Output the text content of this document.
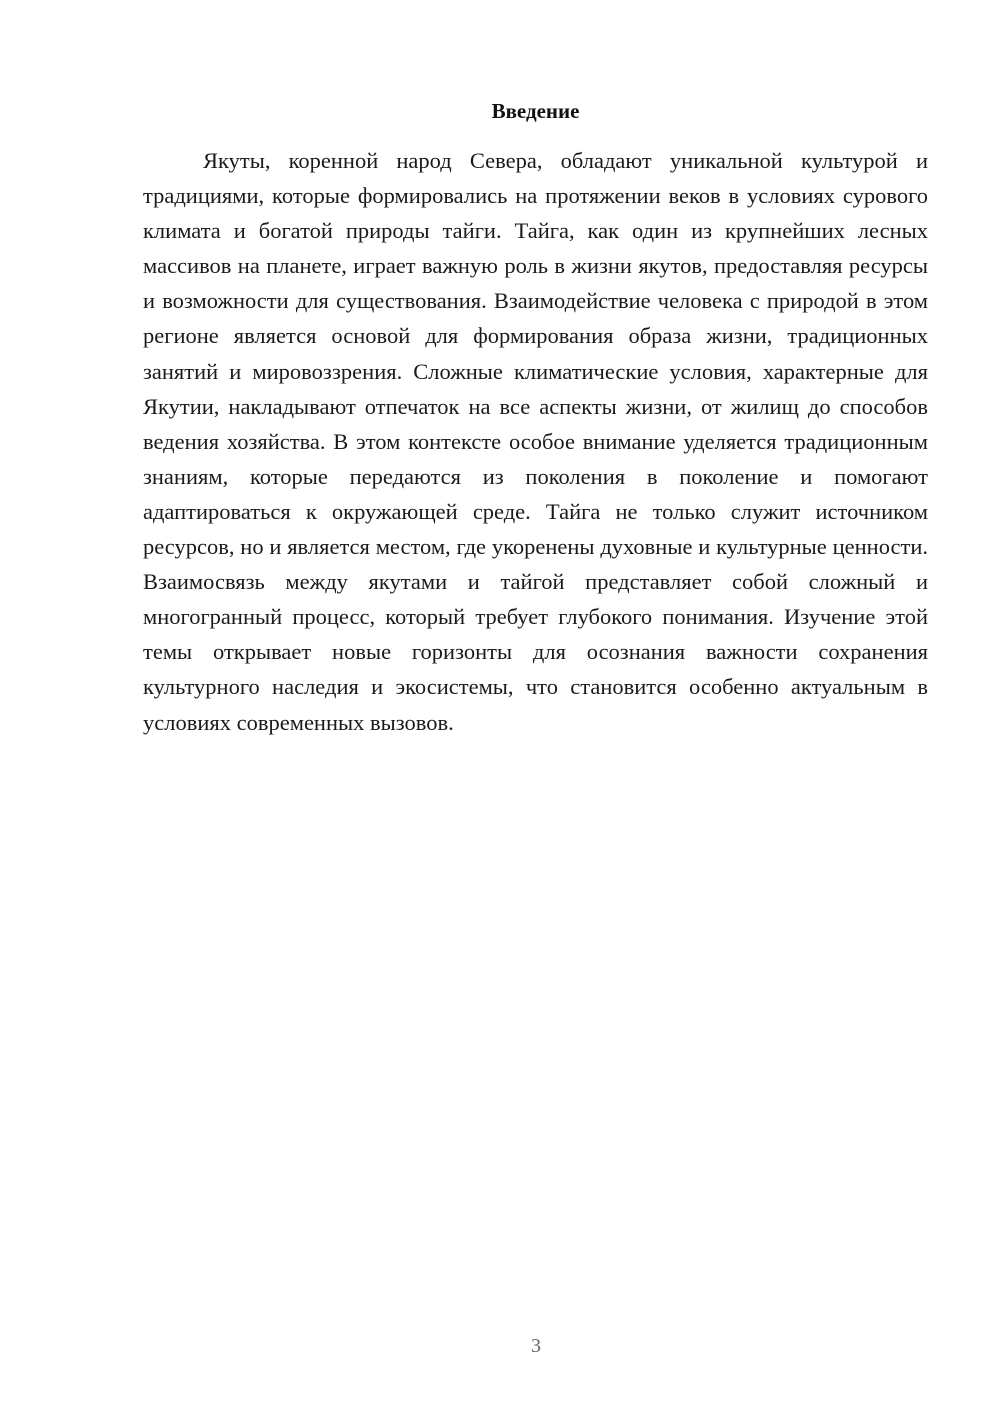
Введение

Якуты, коренной народ Севера, обладают уникальной культурой и традициями, которые формировались на протяжении веков в условиях сурового климата и богатой природы тайги. Тайга, как один из крупнейших лесных массивов на планете, играет важную роль в жизни якутов, предоставляя ресурсы и возможности для существования. Взаимодействие человека с природой в этом регионе является основой для формирования образа жизни, традиционных занятий и мировоззрения. Сложные климатические условия, характерные для Якутии, накладывают отпечаток на все аспекты жизни, от жилищ до способов ведения хозяйства. В этом контексте особое внимание уделяется традиционным знаниям, которые передаются из поколения в поколение и помогают адаптироваться к окружающей среде. Тайга не только служит источником ресурсов, но и является местом, где укоренены духовные и культурные ценности. Взаимосвязь между якутами и тайгой представляет собой сложный и многогранный процесс, который требует глубокого понимания. Изучение этой темы открывает новые горизонты для осознания важности сохранения культурного наследия и экосистемы, что становится особенно актуальным в условиях современных вызовов.

3
